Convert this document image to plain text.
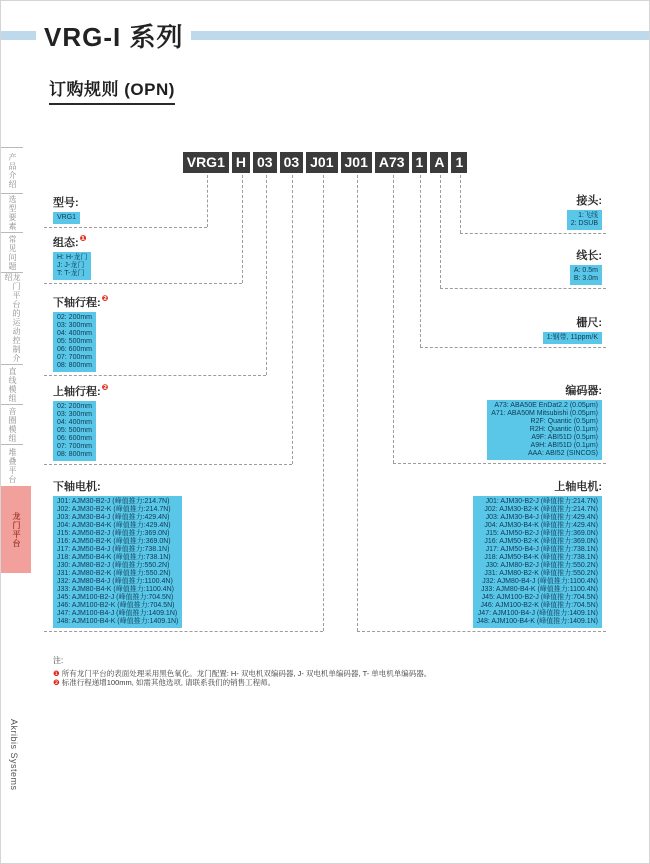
VRG-I 系列
订购规则 (OPN)
VRG1 H 03 03 J01 J01 A73 1 A 1
产品介绍
选型要素
常见问题
龙门平台的运动控制介绍
直线模组
音圈模组
堆叠平台
龙门平台
型号:
VRG1
组态:$^❶$
H: H-龙门
J: J-龙门
T: T-龙门
下轴行程:$^❷$
02: 200mm
03: 300mm
04: 400mm
05: 500mm
06: 600mm
07: 700mm
08: 800mm
上轴行程:$^❷$
02: 200mm
03: 300mm
04: 400mm
05: 500mm
06: 600mm
07: 700mm
08: 800mm
下轴电机:
J01: AJM30-B2-J (峰值推力:214.7N)
J02: AJM30-B2-K (峰值推力:214.7N)
J03: AJM30-B4-J (峰值推力:429.4N)
J04: AJM30-B4-K (峰值推力:429.4N)
J15: AJM50-B2-J (峰值推力:369.0N)
J16: AJM50-B2-K (峰值推力:369.0N)
J17: AJM50-B4-J (峰值推力:738.1N)
J18: AJM50-B4-K (峰值推力:738.1N)
J30: AJM80-B2-J (峰值推力:550.2N)
J31: AJM80-B2-K (峰值推力:550.2N)
J32: AJM80-B4-J (峰值推力:1100.4N)
J33: AJM80-B4-K (峰值推力:1100.4N)
J45: AJM100-B2-J (峰值推力:704.5N)
J46: AJM100-B2-K (峰值推力:704.5N)
J47: AJM100-B4-J (峰值推力:1409.1N)
J48: AJM100-B4-K (峰值推力:1409.1N)
接头:
1:飞线
2: DSUB
线长:
A: 0.5m
B: 3.0m
栅尺:
1:钢带, 11ppm/K
编码器:
A73: ABA50E EnDat2.2 (0.05μm)
A71: ABA50M Mitsubishi (0.05μm)
R2F: Quantic (0.5μm)
R2H: Quantic (0.1μm)
A9F: ABI51D (0.5μm)
A9H: ABI51D (0.1μm)
AAA: ABI52 (SINCOS)
上轴电机:
J01: AJM30-B2-J (峰值推力:214.7N)
J02: AJM30-B2-K (峰值推力:214.7N)
J03: AJM30-B4-J (峰值推力:429.4N)
J04: AJM30-B4-K (峰值推力:429.4N)
J15: AJM50-B2-J (峰值推力:369.0N)
J16: AJM50-B2-K (峰值推力:369.0N)
J17: AJM50-B4-J (峰值推力:738.1N)
J18: AJM50-B4-K (峰值推力:738.1N)
J30: AJM80-B2-J (峰值推力:550.2N)
J31: AJM80-B2-K (峰值推力:550.2N)
J32: AJM80-B4-J (峰值推力:1100.4N)
J33: AJM80-B4-K (峰值推力:1100.4N)
J45: AJM100-B2-J (峰值推力:704.5N)
J46: AJM100-B2-K (峰值推力:704.5N)
J47: AJM100-B4-J (峰值推力:1409.1N)
J48: AJM100-B4-K (峰值推力:1409.1N)
注:
❶ 所有龙门平台的表面处理采用黑色氧化。龙门配置: H- 双电机双编码器, J- 双电机单编码器, T- 单电机单编码器。
❷ 标准行程递增100mm, 如需其他选项, 请联系我们的销售工程师。
Akribis Systems
